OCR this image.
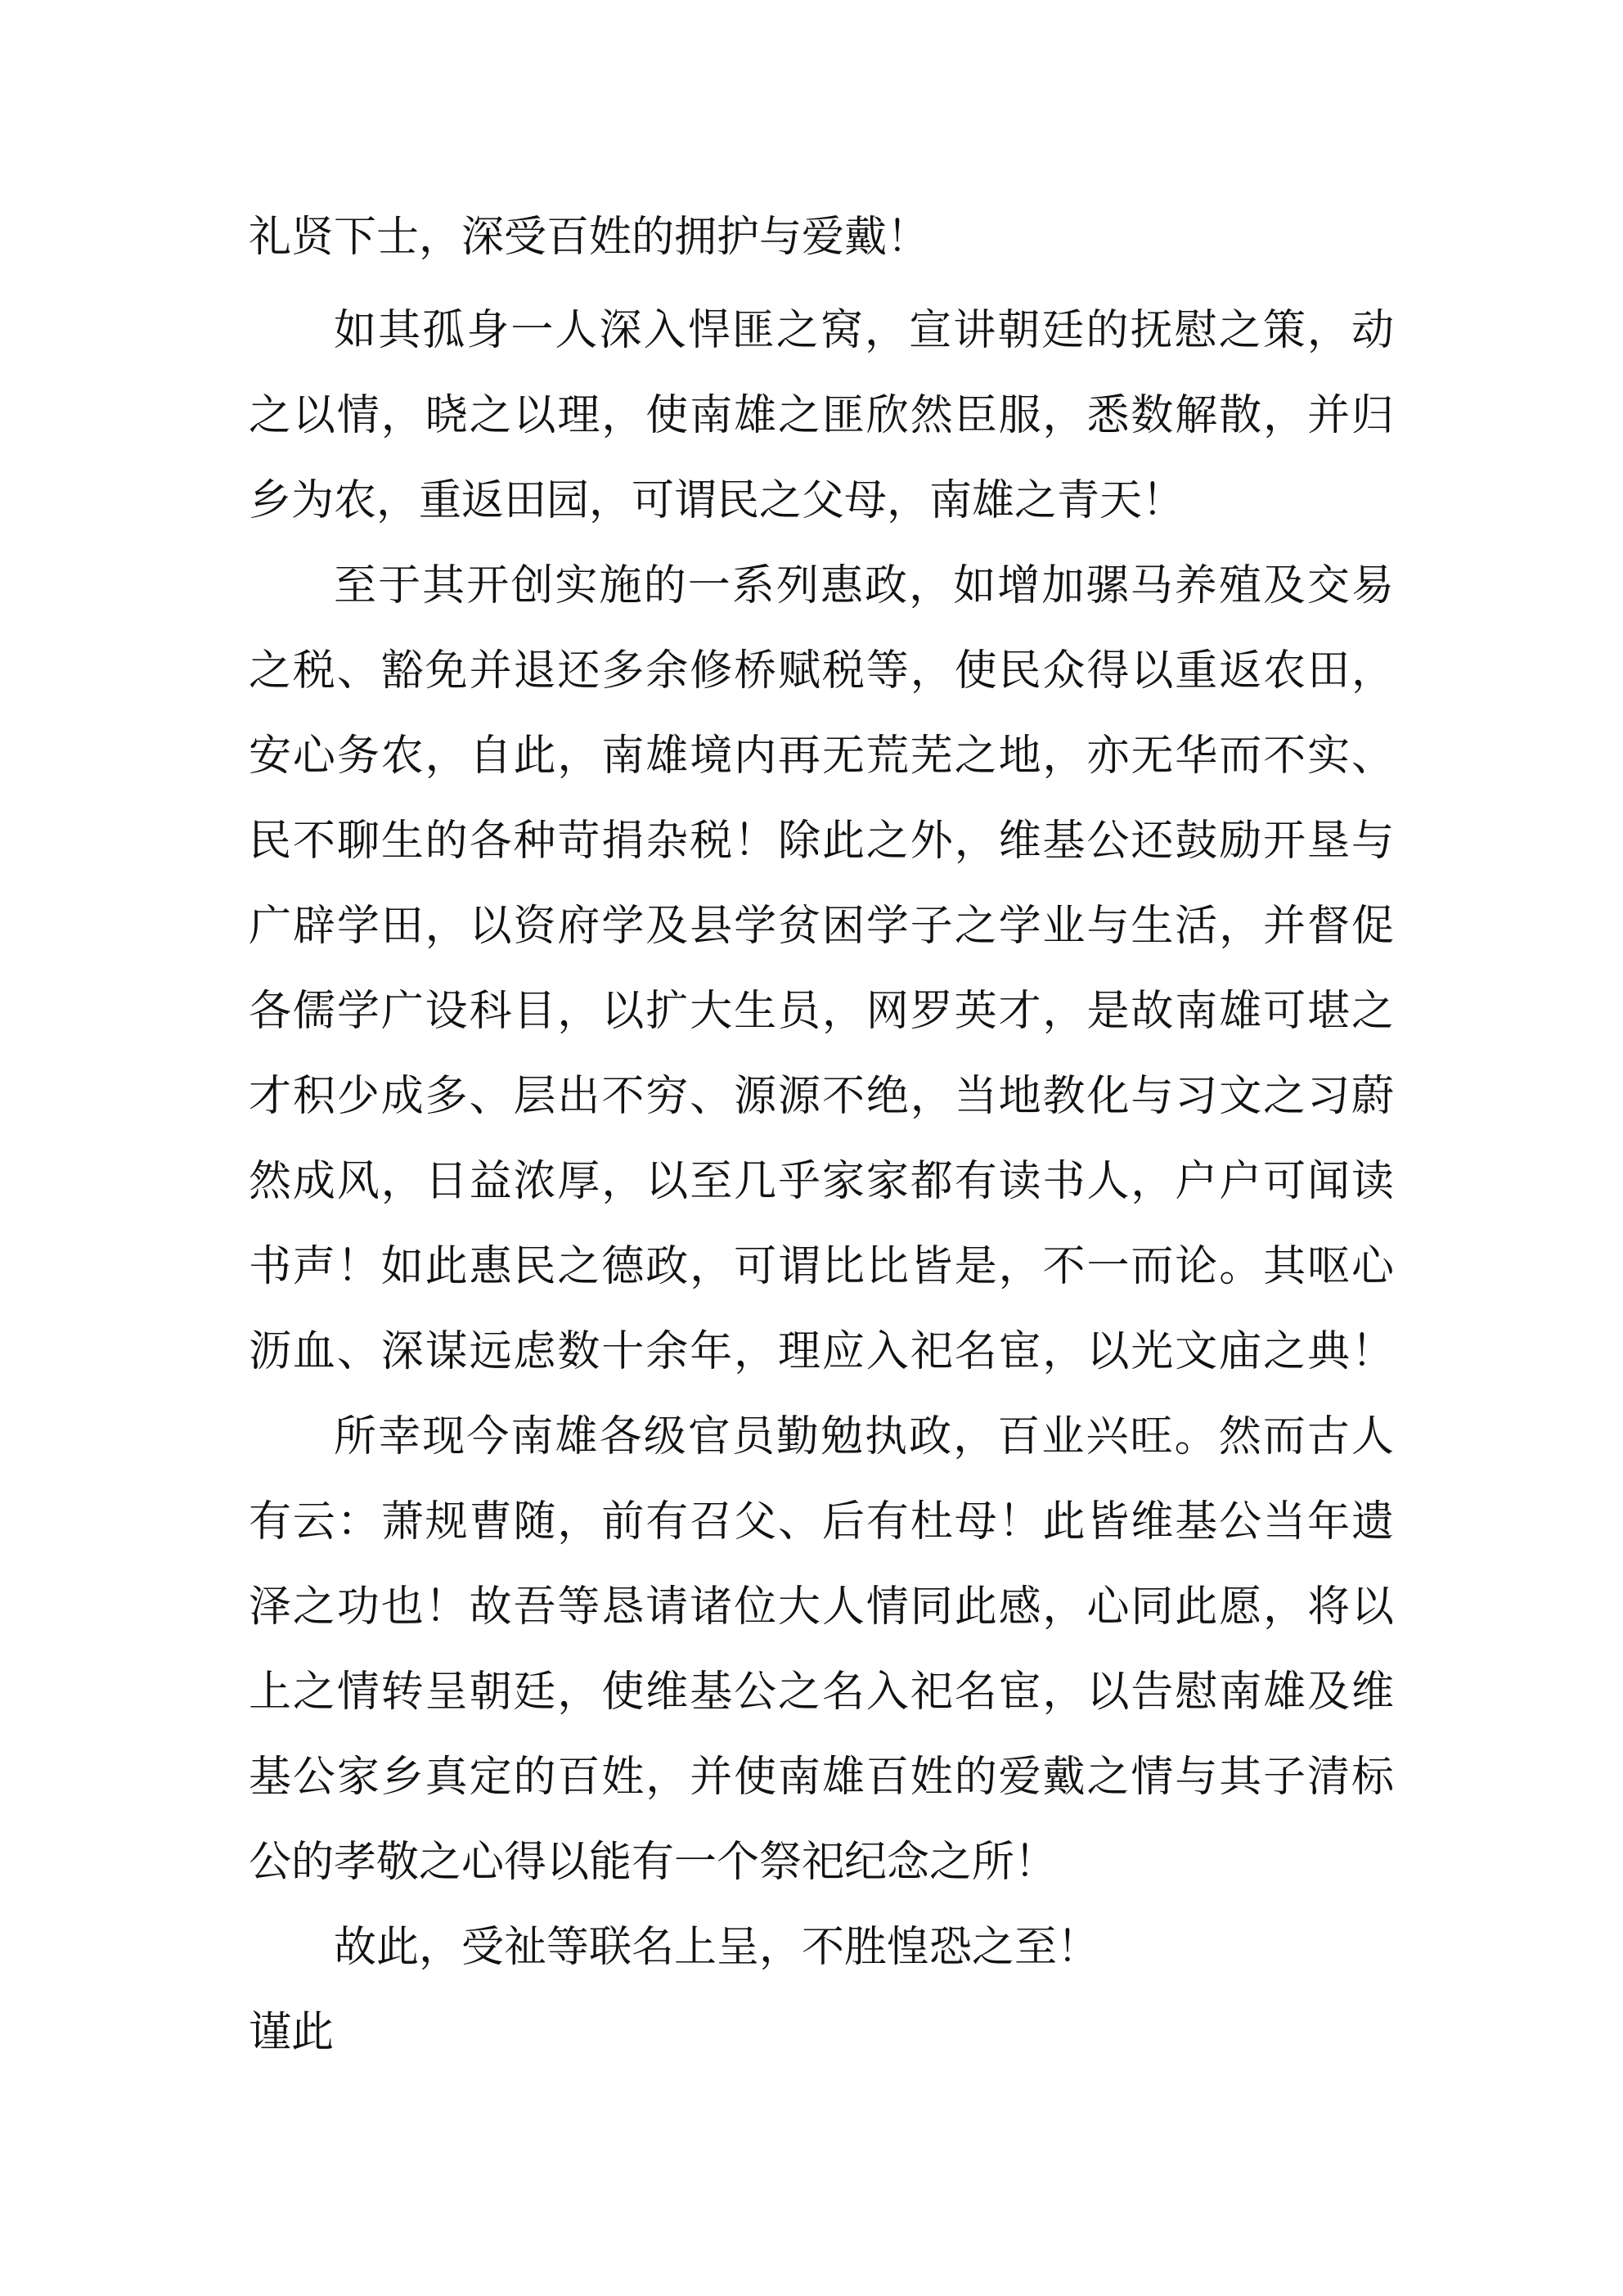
礼贤下士，深受百姓的拥护与爱戴！
如其孤身一人深入悍匪之窝，宣讲朝廷的抚慰之策，动
之以情，晓之以理，使南雄之匪欣然臣服，悉数解散，并归
乡为农，重返田园，可谓民之父母，南雄之青天！
至于其开创实施的一系列惠政，如增加骡马养殖及交易
之税、豁免并退还多余修桥赋税等，使民众得以重返农田，
安心务农，自此，南雄境内再无荒芜之地，亦无华而不实、
民不聊生的各种苛捐杂税！除此之外，维基公还鼓励开垦与
广辟学田，以资府学及县学贫困学子之学业与生活，并督促
各儒学广设科目，以扩大生员，网罗英才，是故南雄可堪之
才积少成多、层出不穷、源源不绝，当地教化与习文之习蔚
然成风，日益浓厚，以至几乎家家都有读书人，户户可闻读
书声！如此惠民之德政，可谓比比皆是，不一而论。其呕心
沥血、深谋远虑数十余年，理应入祀名宦，以光文庙之典！
所幸现今南雄各级官员勤勉执政，百业兴旺。然而古人
有云：萧规曹随，前有召父、后有杜母！此皆维基公当年遗
泽之功也！故吾等恳请诸位大人情同此感，心同此愿，将以
上之情转呈朝廷，使维基公之名入祀名宦，以告慰南雄及维
基公家乡真定的百姓，并使南雄百姓的爱戴之情与其子清标
公的孝敬之心得以能有一个祭祀纪念之所！
故此，受祉等联名上呈，不胜惶恐之至！
谨此
